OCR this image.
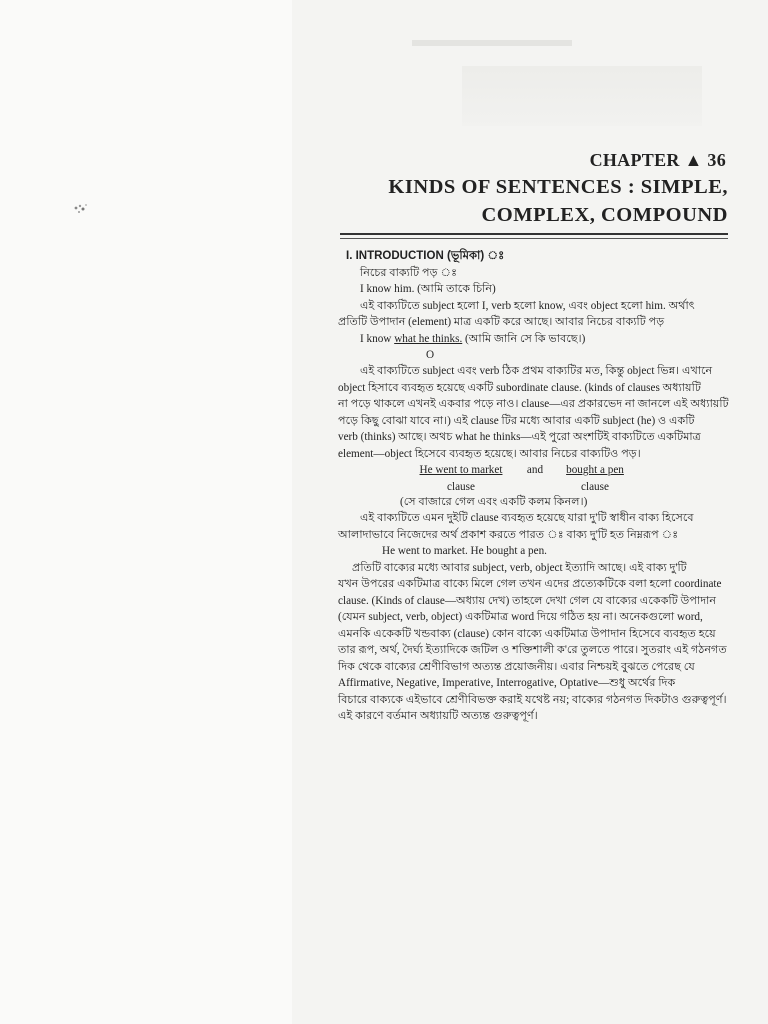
CHAPTER ▲ 36
KINDS OF SENTENCES : SIMPLE,
COMPLEX, COMPOUND
I. INTRODUCTION (ভূমিকা) ঃ
নিচের বাক্যটি পড় ঃ
I know him. (আমি তাকে চিনি)
এই বাক্যটিতে subject হলো I, verb হলো know, এবং object হলো him. অর্থাৎ
প্রতিটি উপাদান (element) মাত্র একটি করে আছে। আবার নিচের বাক্যটি পড়
I know what he thinks. (আমি জানি সে কি ভাবছে।)
O
এই বাক্যটিতে subject এবং verb ঠিক প্রথম বাক্যটির মত, কিন্তু object ভিন্ন। এখানে
object হিসাবে ব্যবহৃত হয়েছে একটি subordinate clause. (kinds of clauses অধ্যায়টি
না পড়ে থাকলে এখনই একবার পড়ে নাও। clause—এর প্রকারভেদ না জানলে এই অধ্যায়টি
পড়ে কিছু বোঝা যাবে না।) এই clause টির মধ্যে আবার একটি subject (he) ও একটি
verb (thinks) আছে। অথচ what he thinks—এই পুরো অংশটিই বাক্যটিতে একটিমাত্র
element—object হিসেবে ব্যবহৃত হয়েছে। আবার নিচের বাক্যটিও পড়।
He went to market
clause
and	bought a pen
clause
(সে বাজারে গেল এবং একটি কলম কিনল।)
এই বাক্যটিতে এমন দুইটি clause ব্যবহৃত হয়েছে যারা দু'টি স্বাধীন বাক্য হিসেবে
আলাদাভাবে নিজেদের অর্থ প্রকাশ করতে পারত ঃ বাক্য দু'টি হত নিম্নরূপ ঃ
He went to market. He bought a pen.
প্রতিটি বাক্যের মধ্যে আবার subject, verb, object ইত্যাদি আছে। এই বাক্য দু'টি
যখন উপরের একটিমাত্র বাক্যে মিলে গেল তখন এদের প্রত্যেকটিকে বলা হলো coordinate
clause. (Kinds of clause—অধ্যায় দেখ) তাহলে দেখা গেল যে বাক্যের একেকটি উপাদান
(যেমন subject, verb, object) একটিমাত্র word দিয়ে গঠিত হয় না। অনেকগুলো word,
এমনকি একেকটি খন্ডবাক্য (clause) কোন বাক্যে একটিমাত্র উপাদান হিসেবে ব্যবহৃত হয়ে
তার রূপ, অর্থ, দৈর্ঘ্য ইত্যাদিকে জটিল ও শক্তিশালী ক'রে তুলতে পারে। সুতরাং এই গঠনগত
দিক থেকে বাক্যের শ্রেণীবিভাগ অত্যন্ত প্রয়োজনীয়। এবার নিশ্চয়ই বুঝতে পেরেছ যে
Affirmative, Negative, Imperative, Interrogative, Optative—শুধু অর্থের দিক
বিচারে বাক্যকে এইভাবে শ্রেণীবিভক্ত করাই যথেষ্ট নয়; বাক্যের গঠনগত দিকটাও গুরুত্বপূর্ণ।
এই কারণে বর্তমান অধ্যায়টি অত্যন্ত গুরুত্বপূর্ণ।
